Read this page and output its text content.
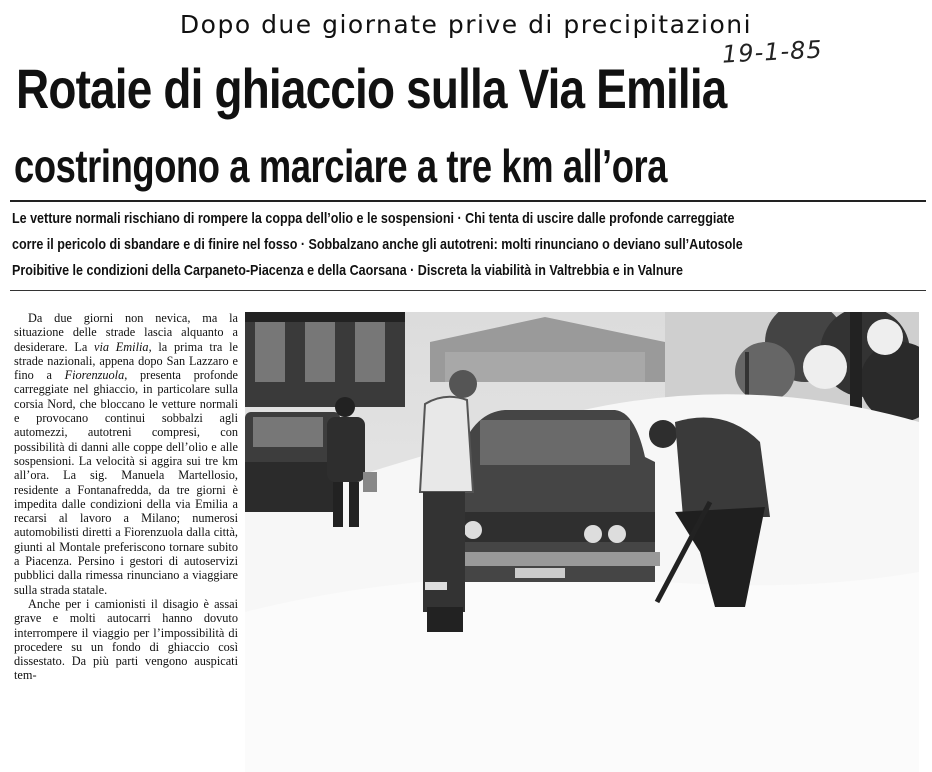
Dopo due giornate prive di precipitazioni
19-1-85
Rotaie di ghiaccio sulla Via Emilia
costringono a marciare a tre km all’ora
Le vetture normali rischiano di rompere la coppa dell’olio e le sospensioni · Chi tenta di uscire dalle profonde carreggiate
corre il pericolo di sbandare e di finire nel fosso · Sobbalzano anche gli autotreni: molti rinunciano o deviano sull’Autosole
Proibitive le condizioni della Carpaneto-Piacenza e della Caorsana · Discreta la viabilità in Valtrebbia e in Valnure

Da due giorni non nevica, ma la situazione delle strade lascia alquanto a desiderare. La via Emilia, la prima tra le strade nazionali, appena dopo San Lazzaro e fino a Fiorenzuola, presenta profonde carreggiate nel ghiaccio, in particolare sulla corsia Nord, che bloccano le vetture normali e provocano continui sobbalzi agli automezzi, autotreni compresi, con possibilità di danni alle coppe dell’olio e alle sospensioni. La velocità si aggira sui tre km all’ora. La sig. Manuela Martellosio, residente a Fontanafredda, da tre giorni è impedita dalle condizioni della via Emilia a recarsi al lavoro a Milano; numerosi automobilisti diretti a Fiorenzuola dalla città, giunti al Montale preferiscono tornare subito a Piacenza. Persino i gestori di autoservizi pubblici dalla rimessa rinunciano a viaggiare sulla strada statale.

Anche per i camionisti il disagio è assai grave e molti autocarri hanno dovuto interrompere il viaggio per l’impossibilità di procedere su un fondo di ghiaccio così dissestato. Da più parti vengono auspicati tem-
